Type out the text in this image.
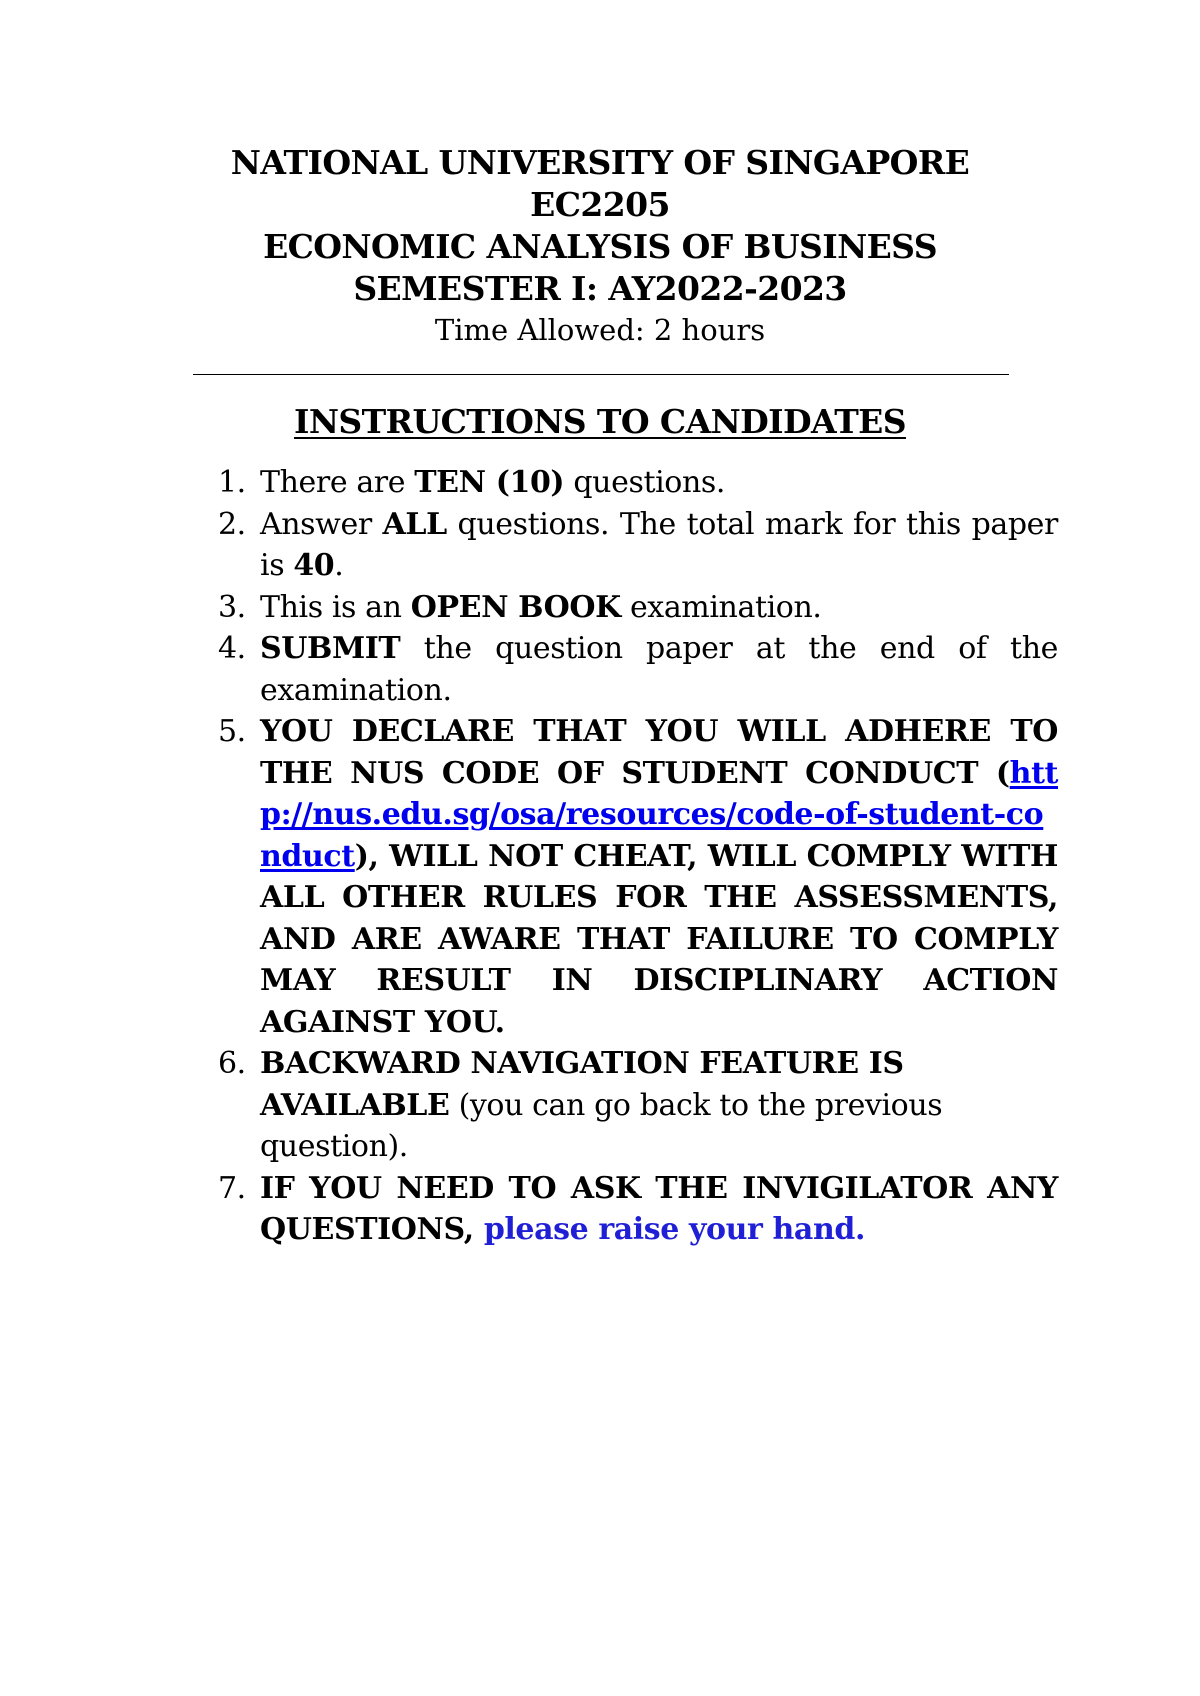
NATIONAL UNIVERSITY OF SINGAPORE
EC2205
ECONOMIC ANALYSIS OF BUSINESS
SEMESTER I: AY2022-2023
Time Allowed: 2 hours
INSTRUCTIONS TO CANDIDATES
1. There are TEN (10) questions.
2. Answer ALL questions. The total mark for this paper is 40.
3. This is an OPEN BOOK examination.
4. SUBMIT the question paper at the end of the examination.
5. YOU DECLARE THAT YOU WILL ADHERE TO THE NUS CODE OF STUDENT CONDUCT (http://nus.edu.sg/osa/resources/code-of-student-conduct), WILL NOT CHEAT, WILL COMPLY WITH ALL OTHER RULES FOR THE ASSESSMENTS, AND ARE AWARE THAT FAILURE TO COMPLY MAY RESULT IN DISCIPLINARY ACTION AGAINST YOU.
6. BACKWARD NAVIGATION FEATURE IS AVAILABLE (you can go back to the previous question).
7. IF YOU NEED TO ASK THE INVIGILATOR ANY QUESTIONS, please raise your hand.
